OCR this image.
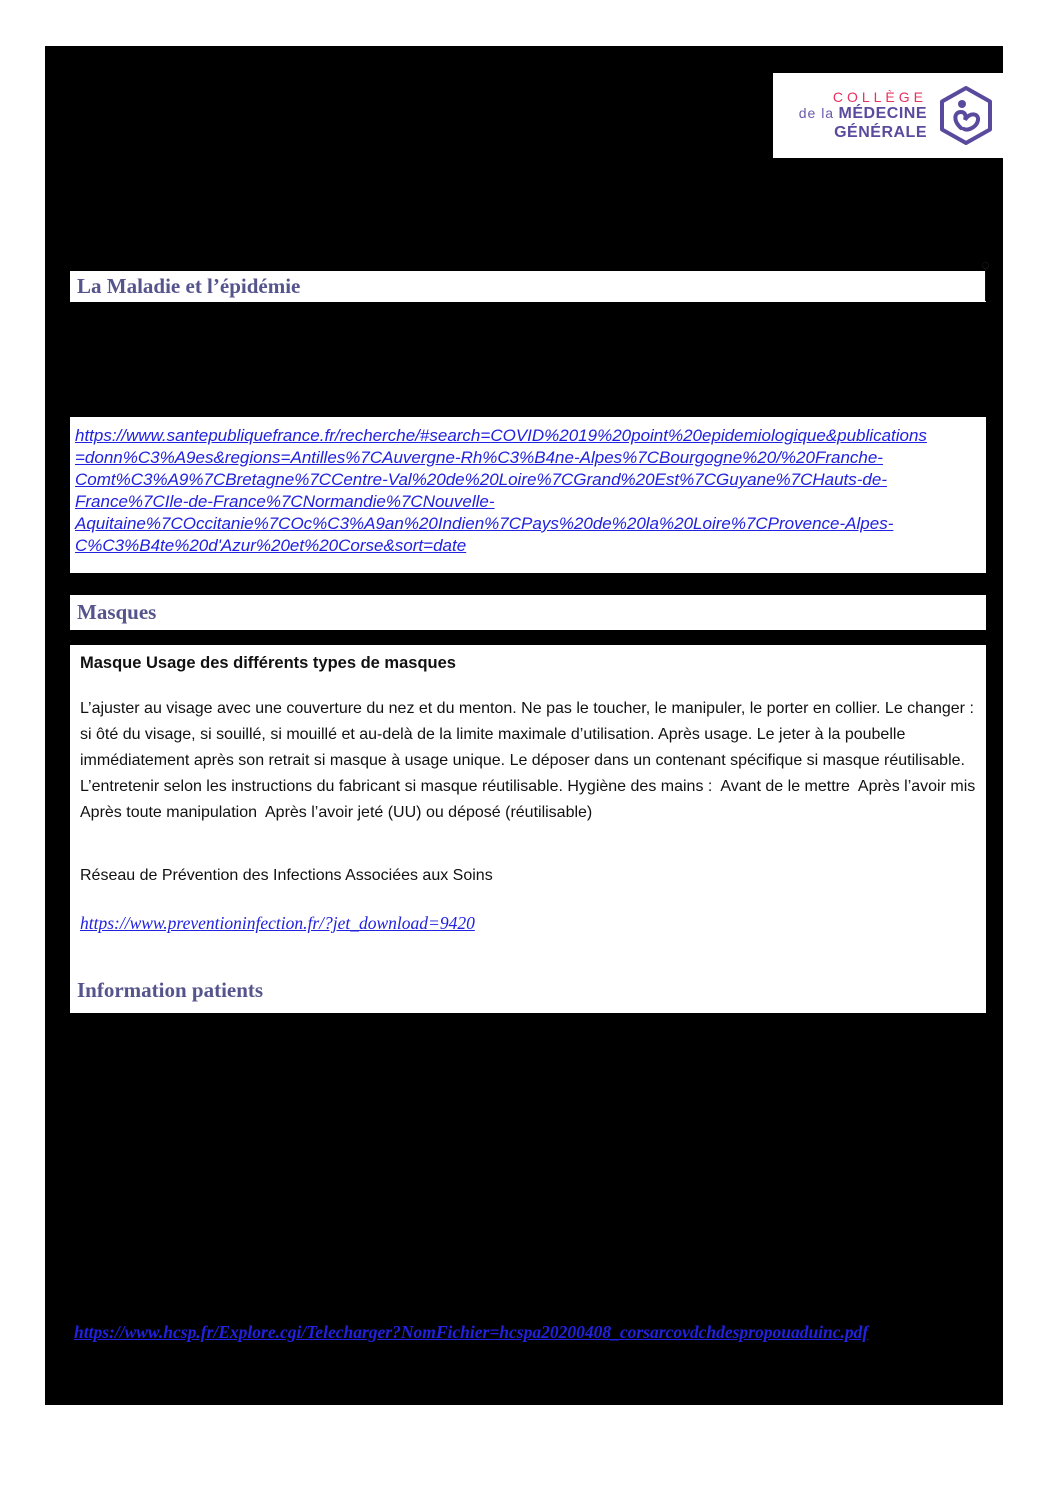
COLLÈGE
de la MÉDECINE
GÉNÉRALE
La Maladie et l’épidémie
https://www.santepubliquefrance.fr/recherche/#search=COVID%2019%20point%20epidemiologique&publications
=donn%C3%A9es&regions=Antilles%7CAuvergne-Rh%C3%B4ne-Alpes%7CBourgogne%20/%20Franche-
Comt%C3%A9%7CBretagne%7CCentre-Val%20de%20Loire%7CGrand%20Est%7CGuyane%7CHauts-de-
France%7CIle-de-France%7CNormandie%7CNouvelle-
Aquitaine%7COccitanie%7COc%C3%A9an%20Indien%7CPays%20de%20la%20Loire%7CProvence-Alpes-
C%C3%B4te%20d'Azur%20et%20Corse&sort=date
Masques
Masque Usage des différents types de masques
L’ajuster au visage avec une couverture du nez et du menton. Ne pas le toucher, le manipuler, le porter en collier. Le changer : si ôté du visage, si souillé, si mouillé et au-delà de la limite maximale d’utilisation. Après usage. Le jeter à la poubelle immédiatement après son retrait si masque à usage unique. Le déposer dans un contenant spécifique si masque réutilisable. L’entretenir selon les instructions du fabricant si masque réutilisable. Hygiène des mains :  Avant de le mettre  Après l’avoir mis  Après toute manipulation  Après l’avoir jeté (UU) ou déposé (réutilisable)
Réseau de Prévention des Infections Associées aux Soins
https://www.preventioninfection.fr/?jet_download=9420
Information patients
https://www.hcsp.fr/Explore.cgi/Telecharger?NomFichier=hcspa20200408_corsarcovdchdespropouaduinc.pdf
